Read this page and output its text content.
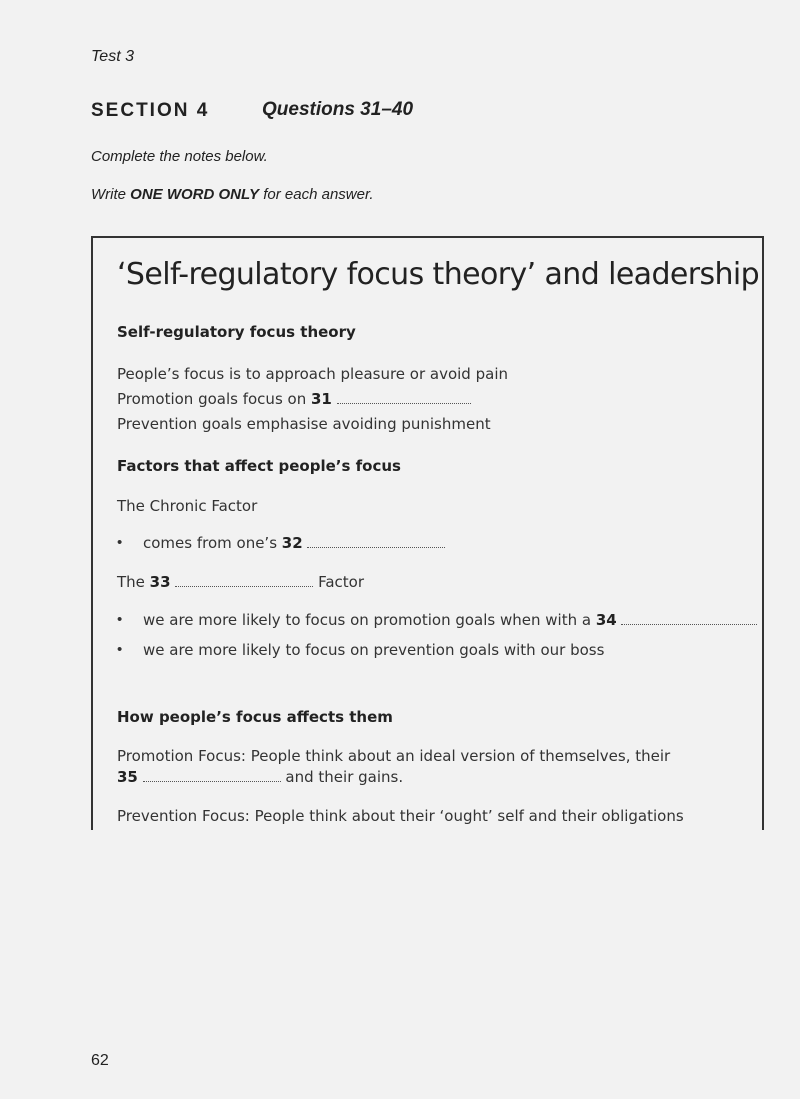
Test 3
SECTION 4	Questions 31–40
Complete the notes below.
Write ONE WORD ONLY for each answer.
‘Self-regulatory focus theory’ and leadership
Self-regulatory focus theory
People’s focus is to approach pleasure or avoid pain
Promotion goals focus on 31
Prevention goals emphasise avoiding punishment
Factors that affect people’s focus
The Chronic Factor
• comes from one’s 32
The 33	Factor
• we are more likely to focus on promotion goals when with a 34
• we are more likely to focus on prevention goals with our boss
How people’s focus affects them
Promotion Focus: People think about an ideal version of themselves, their
35	and their gains.
Prevention Focus: People think about their ‘ought’ self and their obligations
62
